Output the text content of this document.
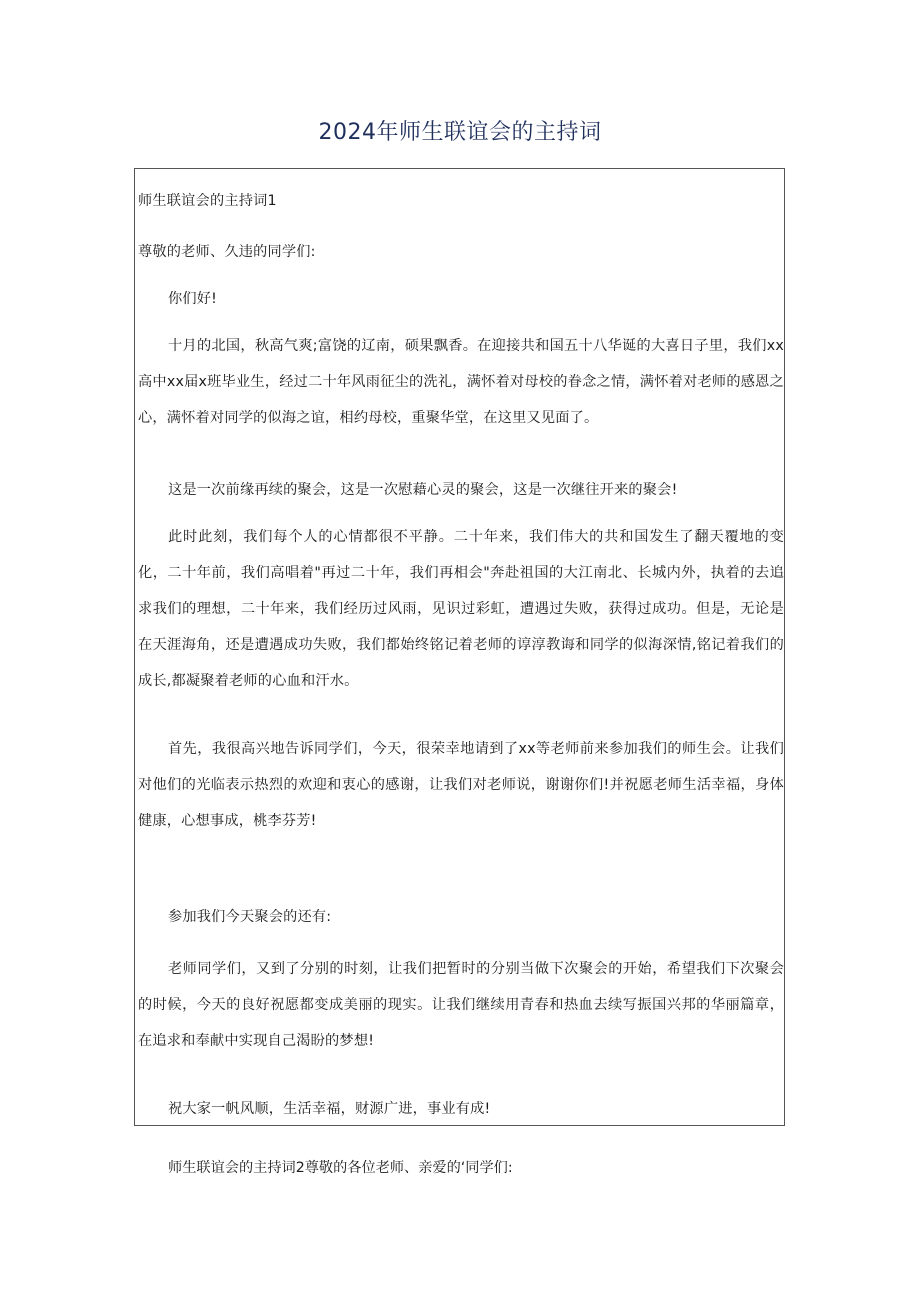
2024年师生联谊会的主持词

师生联谊会的主持词1

尊敬的老师、久违的同学们:

你们好!

十月的北国，秋高气爽;富饶的辽南，硕果飘香。在迎接共和国五十八华诞的大喜日子里，我们xx高中xx届x班毕业生，经过二十年风雨征尘的洗礼，满怀着对母校的眷念之情，满怀着对老师的感恩之心，满怀着对同学的似海之谊，相约母校，重聚华堂，在这里又见面了。

这是一次前缘再续的聚会，这是一次慰藉心灵的聚会，这是一次继往开来的聚会!

此时此刻，我们每个人的心情都很不平静。二十年来，我们伟大的共和国发生了翻天覆地的变化，二十年前，我们高唱着"再过二十年，我们再相会"奔赴祖国的大江南北、长城内外，执着的去追求我们的理想，二十年来，我们经历过风雨，见识过彩虹，遭遇过失败，获得过成功。但是，无论是在天涯海角，还是遭遇成功失败，我们都始终铭记着老师的谆淳教诲和同学的似海深情,铭记着我们的成长,都凝聚着老师的心血和汗水。

首先，我很高兴地告诉同学们，今天，很荣幸地请到了xx等老师前来参加我们的师生会。让我们对他们的光临表示热烈的欢迎和衷心的感谢，让我们对老师说，谢谢你们!并祝愿老师生活幸福，身体健康，心想事成，桃李芬芳!

参加我们今天聚会的还有:

老师同学们，又到了分别的时刻，让我们把暂时的分别当做下次聚会的开始，希望我们下次聚会的时候，今天的良好祝愿都变成美丽的现实。让我们继续用青春和热血去续写振国兴邦的华丽篇章，在追求和奉献中实现自己渴盼的梦想!

祝大家一帆风顺，生活幸福，财源广进，事业有成!

师生联谊会的主持词2尊敬的各位老师、亲爱的‘同学们:
